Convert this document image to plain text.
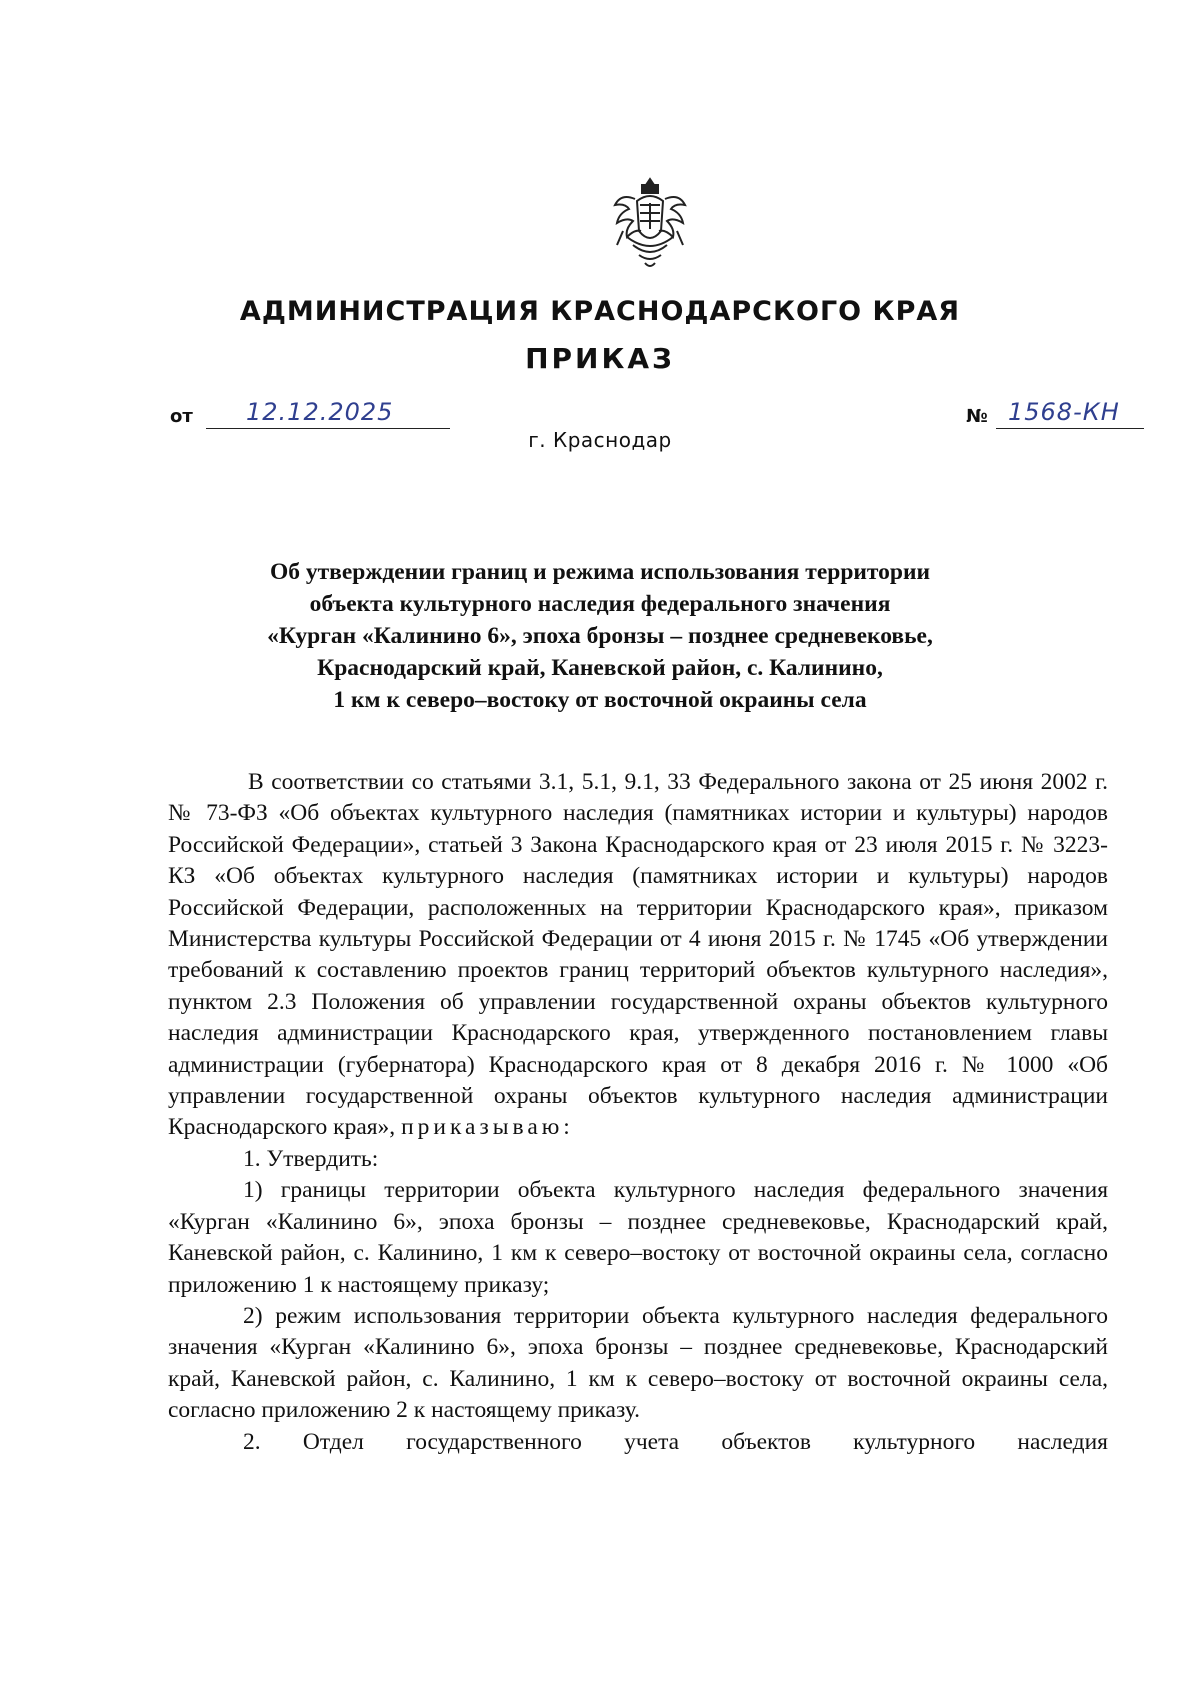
АДМИНИСТРАЦИЯ КРАСНОДАРСКОГО КРАЯ
ПРИКАЗ
от 12.12.2025	№ 1568-КН
г. Краснодар
Об утверждении границ и режима использования территории
объекта культурного наследия федерального значения
«Курган «Калинино 6», эпоха бронзы – позднее средневековье,
Краснодарский край, Каневской район, с. Калинино,
1 км к северо–востоку от восточной окраины села

В соответствии со статьями 3.1, 5.1, 9.1, 33 Федерального закона от 25 июня 2002 г. № 73-ФЗ «Об объектах культурного наследия (памятниках истории и культуры) народов Российской Федерации», статьей 3 Закона Краснодарского края от 23 июля 2015 г. № 3223-КЗ «Об объектах культурного наследия (памятниках истории и культуры) народов Российской Федерации, расположенных на территории Краснодарского края», приказом Министерства культуры Российской Федерации от 4 июня 2015 г. № 1745 «Об утверждении требований к составлению проектов границ территорий объектов культурного наследия», пунктом 2.3 Положения об управлении государственной охраны объектов культурного наследия администрации Краснодарского края, утвержденного постановлением главы администрации (губернатора) Краснодарского края от 8 декабря 2016 г. № 1000 «Об управлении государственной охраны объектов культурного наследия администрации Краснодарского края», приказываю:

1. Утвердить:

1) границы территории объекта культурного наследия федерального значения «Курган «Калинино 6», эпоха бронзы – позднее средневековье, Краснодарский край, Каневской район, с. Калинино, 1 км к северо–востоку от восточной окраины села, согласно приложению 1 к настоящему приказу;

2) режим использования территории объекта культурного наследия федерального значения «Курган «Калинино 6», эпоха бронзы – позднее средневековье, Краснодарский край, Каневской район, с. Калинино, 1 км к северо–востоку от восточной окраины села, согласно приложению 2 к настоящему приказу.

2. Отдел государственного учета объектов культурного наследия
